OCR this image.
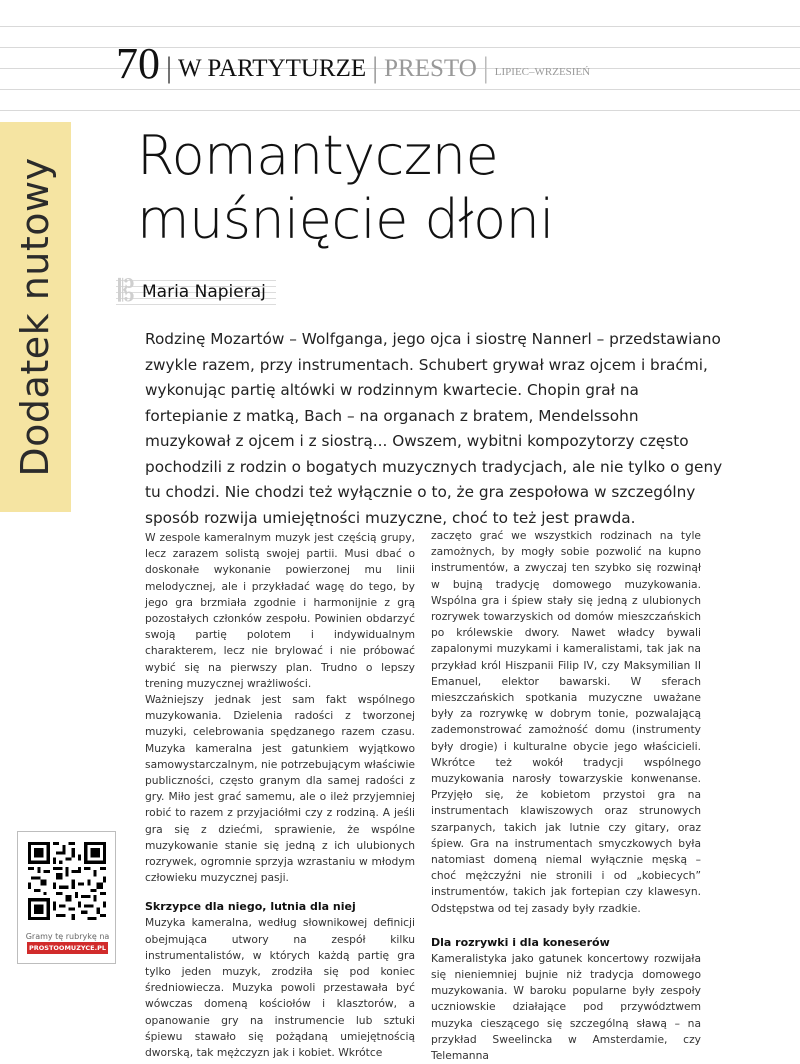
70 | W PARTYTURZE | PRESTO | LIPIEC–WRZESIEŃ
Dodatek nutowy
Romantyczne
muśnięcie dłoni
𝄡 Maria Napieraj

Rodzinę Mozartów – Wolfganga, jego ojca i siostrę Nannerl – przedstawiano zwykle razem, przy instrumentach. Schubert grywał wraz ojcem i braćmi, wykonując partię altówki w rodzinnym kwartecie. Chopin grał na fortepianie z matką, Bach – na organach z bratem, Mendelssohn muzykował z ojcem i z siostrą... Owszem, wybitni kompozytorzy często pochodzili z rodzin o bogatych muzycznych tradycjach, ale nie tylko o geny tu chodzi. Nie chodzi też wyłącznie o to, że gra zespołowa w szczególny sposób rozwija umiejętności muzyczne, choć to też jest prawda.

W zespole kameralnym muzyk jest częścią grupy, lecz zarazem solistą swojej partii. Musi dbać o doskonałe wykonanie powierzonej mu linii melodycznej, ale i przykładać wagę do tego, by jego gra brzmiała zgodnie i harmonijnie z grą pozostałych członków zespołu. Powinien obdarzyć swoją partię polotem i indywidualnym charakterem, lecz nie brylować i nie próbować wybić się na pierwszy plan. Trudno o lepszy trening muzycznej wrażliwości.

Ważniejszy jednak jest sam fakt wspólnego muzykowania. Dzielenia radości z tworzonej muzyki, celebrowania spędzanego razem czasu. Muzyka kameralna jest gatunkiem wyjątkowo samowystarczalnym, nie potrzebującym właściwie publiczności, często granym dla samej radości z gry. Miło jest grać samemu, ale o ileż przyjemniej robić to razem z przyjaciółmi czy z rodziną. A jeśli gra się z dziećmi, sprawienie, że wspólne muzykowanie stanie się jedną z ich ulubionych rozrywek, ogromnie sprzyja wzrastaniu w młodym człowieku muzycznej pasji.

Skrzypce dla niego, lutnia dla niej

Muzyka kameralna, według słownikowej definicji obejmująca utwory na zespół kilku instrumentalistów, w których każdą partię gra tylko jeden muzyk, zrodziła się pod koniec średniowiecza. Muzyka powoli przestawała być wówczas domeną kościołów i klasztorów, a opanowanie gry na instrumencie lub sztuki śpiewu stawało się pożądaną umiejętnością dworską, tak mężczyzn jak i kobiet. Wkrótce

zaczęto grać we wszystkich rodzinach na tyle zamożnych, by mogły sobie pozwolić na kupno instrumentów, a zwyczaj ten szybko się rozwinął w bujną tradycję domowego muzykowania. Wspólna gra i śpiew stały się jedną z ulubionych rozrywek towarzyskich od domów mieszczańskich po królewskie dwory. Nawet władcy bywali zapalonymi muzykami i kameralistami, tak jak na przykład król Hiszpanii Filip IV, czy Maksymilian II Emanuel, elektor bawarski. W sferach mieszczańskich spotkania muzyczne uważane były za rozrywkę w dobrym tonie, pozwalającą zademonstrować zamożność domu (instrumenty były drogie) i kulturalne obycie jego właścicieli. Wkrótce też wokół tradycji wspólnego muzykowania narosły towarzyskie konwenanse. Przyjęło się, że kobietom przystoi gra na instrumentach klawiszowych oraz strunowych szarpanych, takich jak lutnie czy gitary, oraz śpiew. Gra na instrumentach smyczkowych była natomiast domeną niemal wyłącznie męską – choć mężczyźni nie stronili i od „kobiecych” instrumentów, takich jak fortepian czy klawesyn. Odstępstwa od tej zasady były rzadkie.

Dla rozrywki i dla koneserów

Kameralistyka jako gatunek koncertowy rozwijała się nieniemniej bujnie niż tradycja domowego muzykowania. W baroku popularne były zespoły uczniowskie działające pod przywództwem muzyka cieszącego się szczególną sławą – na przykład Sweelincka w Amsterdamie, czy Telemanna

Gramy tę rubrykę na
PROSTOOMUZYCE.PL
